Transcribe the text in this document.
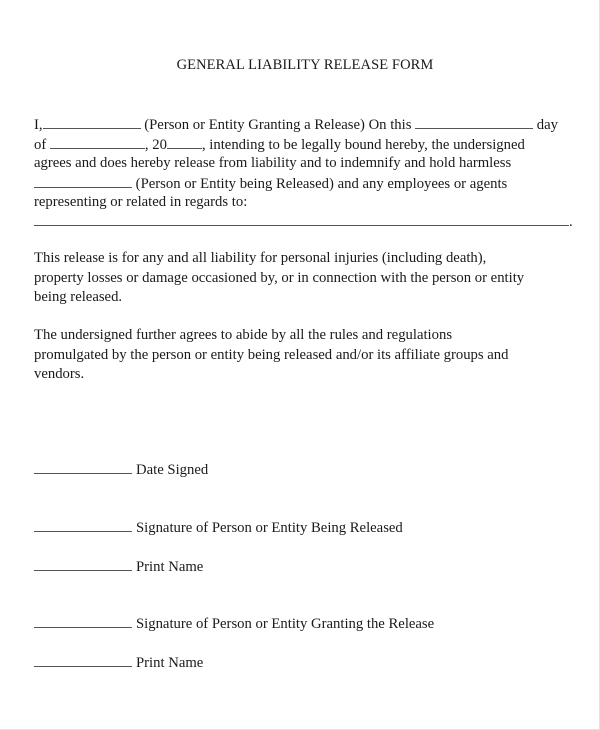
GENERAL LIABILITY RELEASE FORM
I,	(Person or Entity Granting a Release) On this	day
of	, 20 , intending to be legally bound hereby, the undersigned
agrees and does hereby release from liability and to indemnify and hold harmless
(Person or Entity being Released) and any employees or agents
representing or related in regards to:
.
This release is for any and all liability for personal injuries (including death),
property losses or damage occasioned by, or in connection with the person or entity
being released.
The undersigned further agrees to abide by all the rules and regulations
promulgated by the person or entity being released and/or its affiliate groups and
vendors.
Date Signed
Signature of Person or Entity Being Released
Print Name
Signature of Person or Entity Granting the Release
Print Name
